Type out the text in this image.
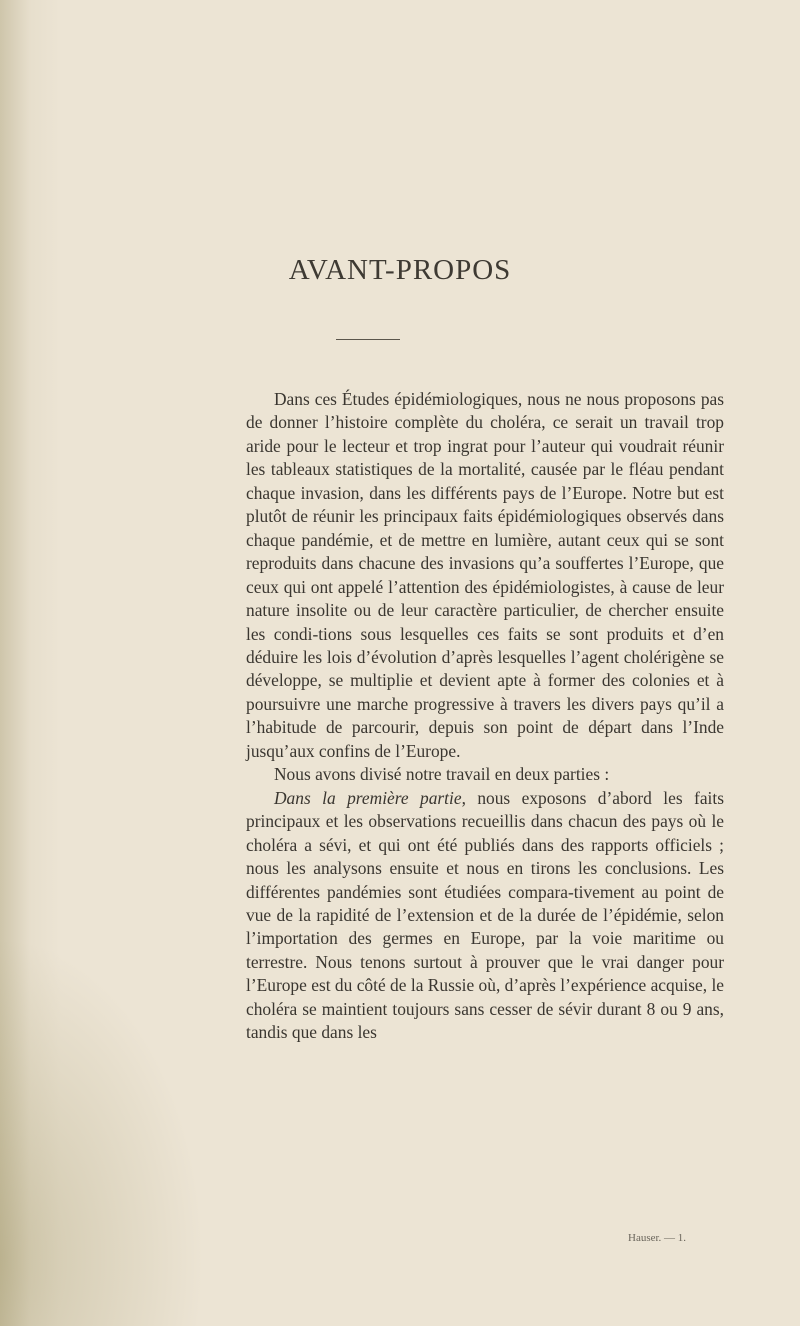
AVANT-PROPOS

Dans ces Études épidémiologiques, nous ne nous proposons pas de donner l’histoire complète du choléra, ce serait un travail trop aride pour le lecteur et trop ingrat pour l’auteur qui voudrait réunir les tableaux statistiques de la mortalité, causée par le fléau pendant chaque invasion, dans les différents pays de l’Europe. Notre but est plutôt de réunir les principaux faits épidémiologiques observés dans chaque pandémie, et de mettre en lumière, autant ceux qui se sont reproduits dans chacune des invasions qu’a souffertes l’Europe, que ceux qui ont appelé l’attention des épidémiologistes, à cause de leur nature insolite ou de leur caractère particulier, de chercher ensuite les condi-tions sous lesquelles ces faits se sont produits et d’en déduire les lois d’évolution d’après lesquelles l’agent cholérigène se développe, se multiplie et devient apte à former des colonies et à poursuivre une marche progressive à travers les divers pays qu’il a l’habitude de parcourir, depuis son point de départ dans l’Inde jusqu’aux confins de l’Europe.

Nous avons divisé notre travail en deux parties :

Dans la première partie, nous exposons d’abord les faits principaux et les observations recueillis dans chacun des pays où le choléra a sévi, et qui ont été publiés dans des rapports officiels ; nous les analysons ensuite et nous en tirons les conclusions. Les différentes pandémies sont étudiées compara-tivement au point de vue de la rapidité de l’extension et de la durée de l’épidémie, selon l’importation des germes en Europe, par la voie maritime ou terrestre. Nous tenons surtout à prouver que le vrai danger pour l’Europe est du côté de la Russie où, d’après l’expérience acquise, le choléra se maintient toujours sans cesser de sévir durant 8 ou 9 ans, tandis que dans les

Hauser. — 1.
